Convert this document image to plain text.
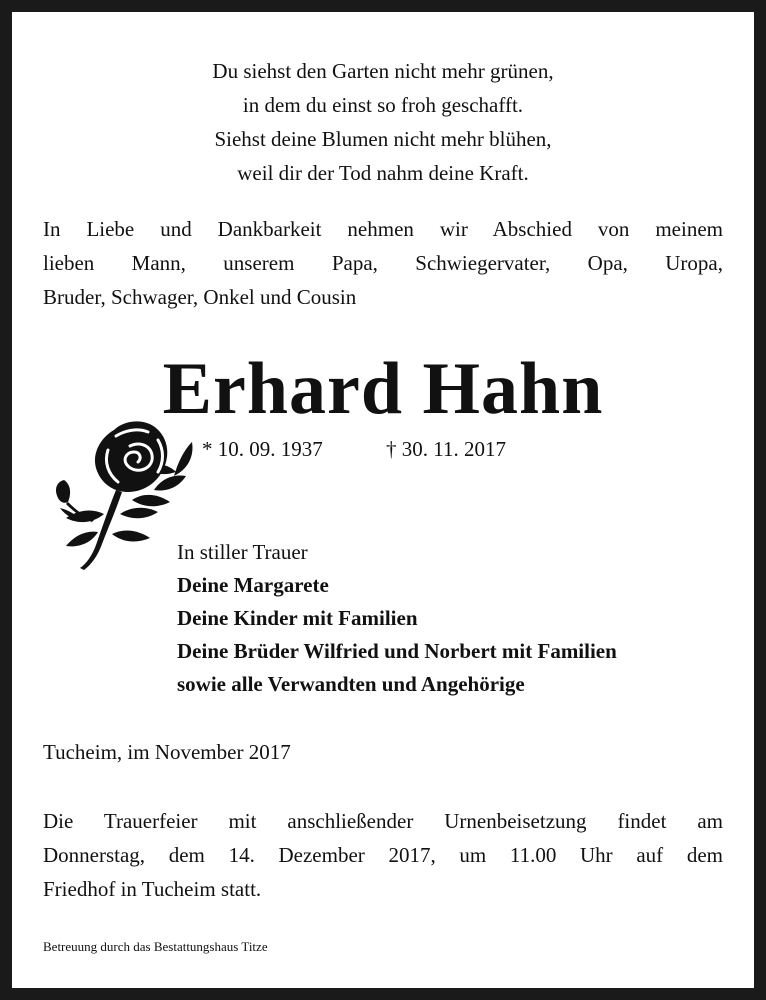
Du siehst den Garten nicht mehr grünen,
in dem du einst so froh geschafft.
Siehst deine Blumen nicht mehr blühen,
weil dir der Tod nahm deine Kraft.
In Liebe und Dankbarkeit nehmen wir Abschied von meinem
lieben Mann, unserem Papa, Schwiegervater, Opa, Uropa,
Bruder, Schwager, Onkel und Cousin
Erhard Hahn
* 10. 09. 1937	† 30. 11. 2017
In stiller Trauer
Deine Margarete
Deine Kinder mit Familien
Deine Brüder Wilfried und Norbert mit Familien
sowie alle Verwandten und Angehörige
Tucheim, im November 2017
Die Trauerfeier mit anschließender Urnenbeisetzung findet am
Donnerstag, dem 14. Dezember 2017, um 11.00 Uhr auf dem
Friedhof in Tucheim statt.
Betreuung durch das Bestattungshaus Titze
